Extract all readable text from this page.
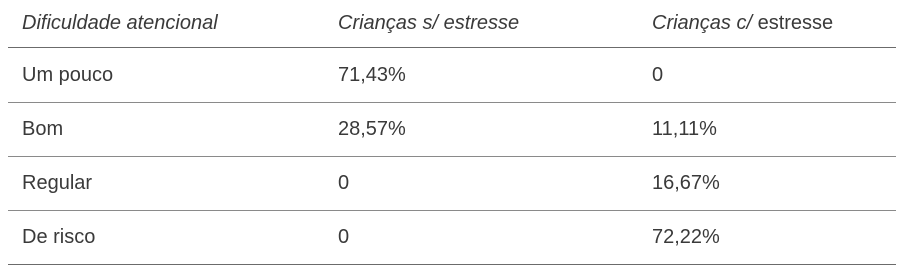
Dificuldade atencional	Crianças s/ estresse	Crianças c/ estresse
Um pouco	71,43%	0
Bom	28,57%	11,11%
Regular	0	16,67%
De risco	0	72,22%
